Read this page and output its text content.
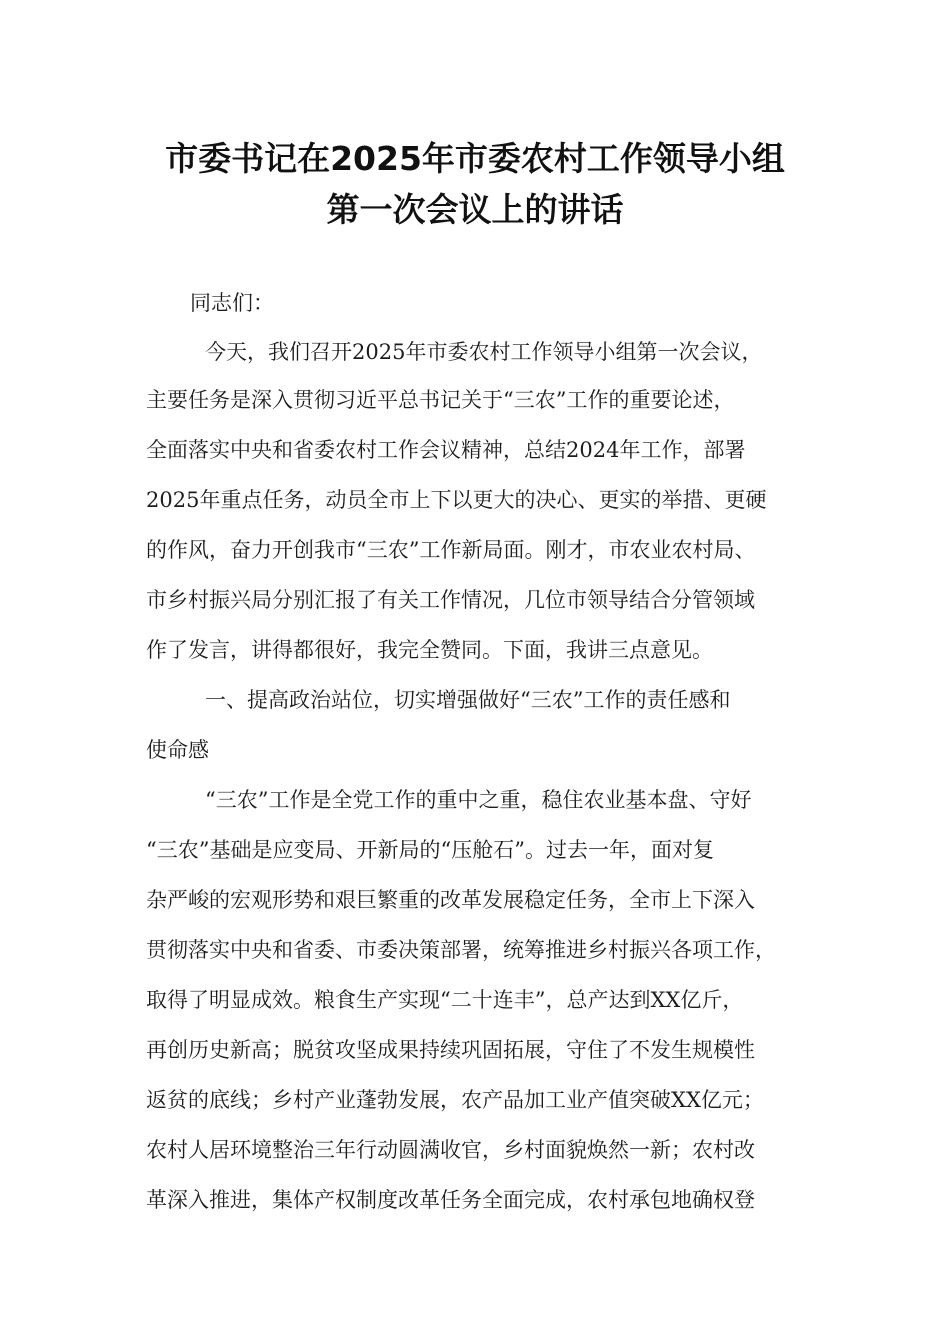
市委书记在2025年市委农村工作领导小组
第一次会议上的讲话
同志们：
今天，我们召开2025年市委农村工作领导小组第一次会议，
主要任务是深入贯彻习近平总书记关于“三农”工作的重要论述，
全面落实中央和省委农村工作会议精神，总结2024年工作，部署
2025年重点任务，动员全市上下以更大的决心、更实的举措、更硬
的作风，奋力开创我市“三农”工作新局面。刚才，市农业农村局、
市乡村振兴局分别汇报了有关工作情况，几位市领导结合分管领域
作了发言，讲得都很好，我完全赞同。下面，我讲三点意见。
一、提高政治站位，切实增强做好“三农”工作的责任感和
使命感
“三农”工作是全党工作的重中之重，稳住农业基本盘、守好
“三农”基础是应变局、开新局的“压舱石”。过去一年，面对复
杂严峻的宏观形势和艰巨繁重的改革发展稳定任务，全市上下深入
贯彻落实中央和省委、市委决策部署，统筹推进乡村振兴各项工作，
取得了明显成效。粮食生产实现“二十连丰”，总产达到XX亿斤，
再创历史新高；脱贫攻坚成果持续巩固拓展，守住了不发生规模性
返贫的底线；乡村产业蓬勃发展，农产品加工业产值突破XX亿元；
农村人居环境整治三年行动圆满收官，乡村面貌焕然一新；农村改
革深入推进，集体产权制度改革任务全面完成，农村承包地确权登
